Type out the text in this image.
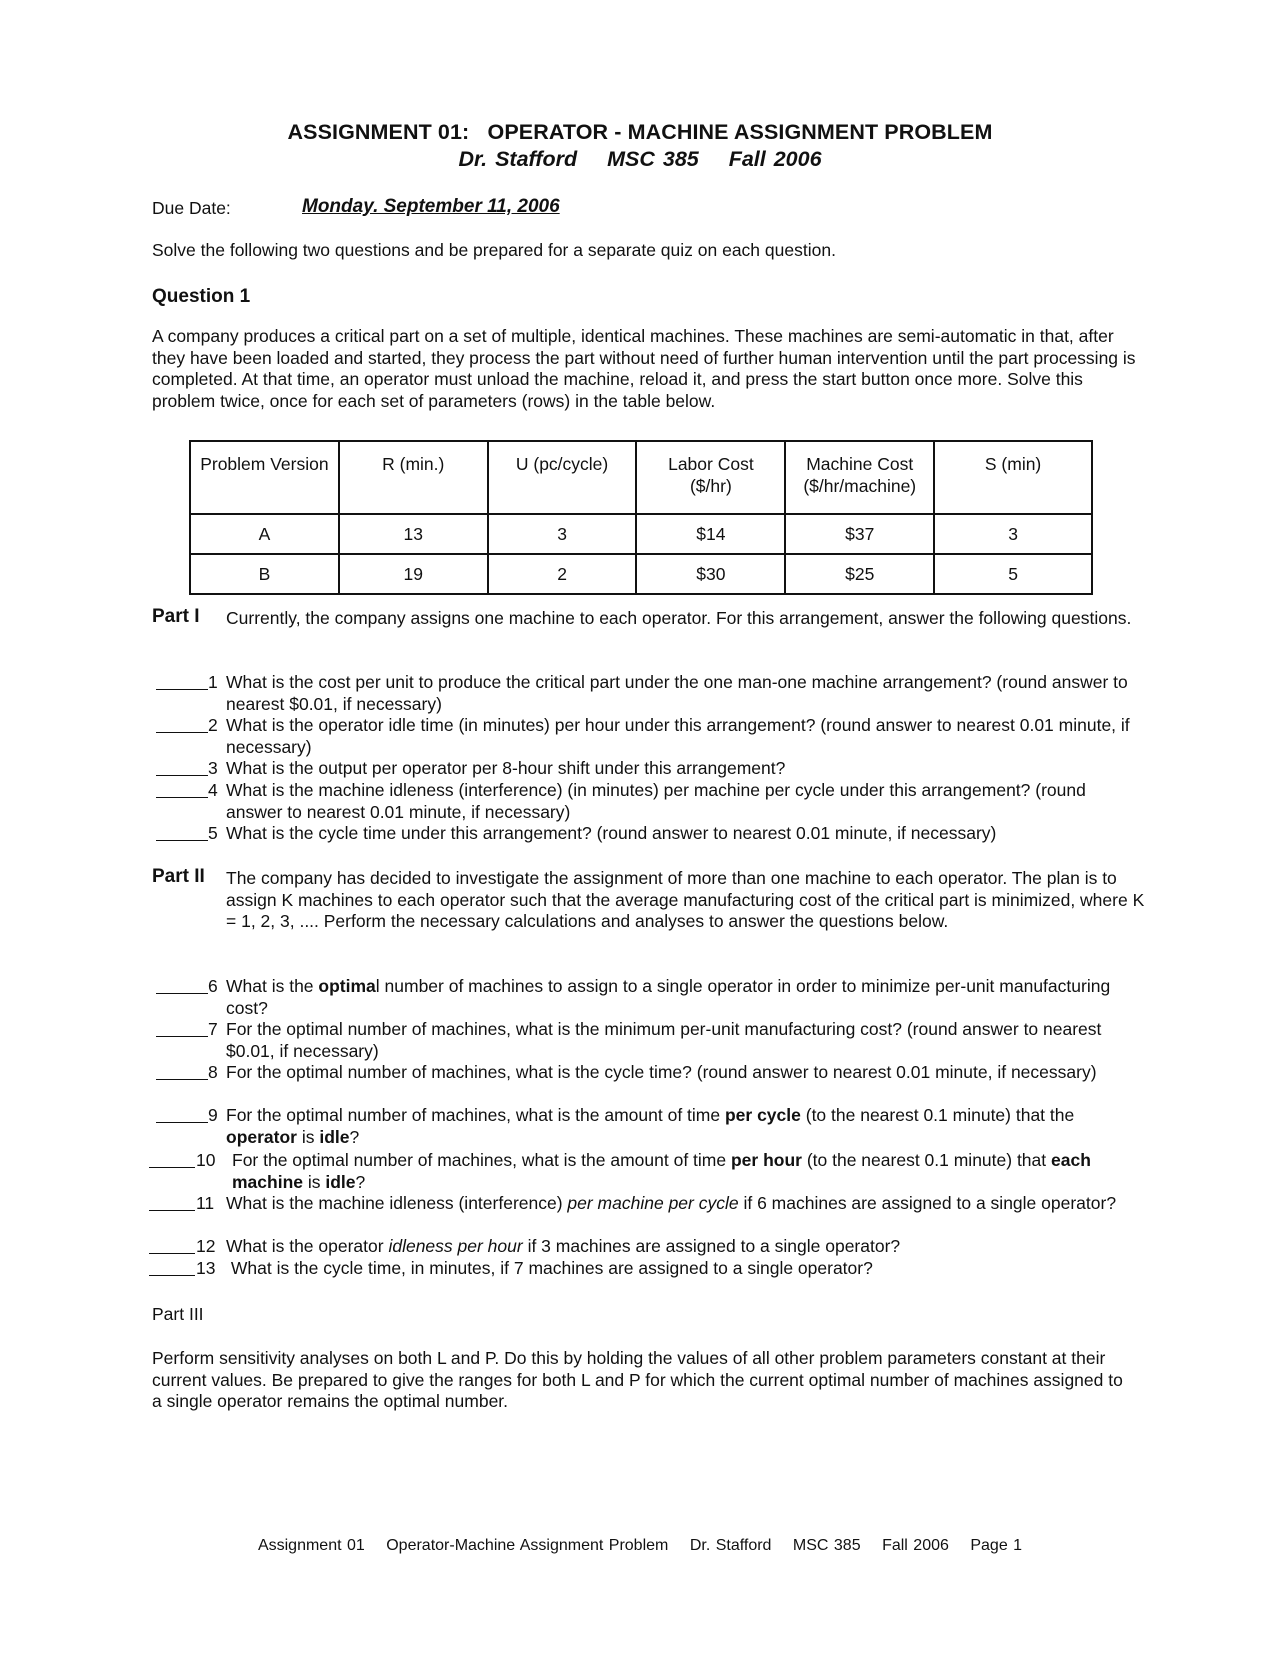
ASSIGNMENT 01:   OPERATOR - MACHINE ASSIGNMENT PROBLEM
Dr. Stafford MSC 385 Fall 2006
Due Date:	Monday. September 11, 2006
Solve the following two questions and be prepared for a separate quiz on each question.
Question 1
A company produces a critical part on a set of multiple, identical machines. These machines are semi-automatic in that, after they have been loaded and started, they process the part without need of further human intervention until the part processing is completed. At that time, an operator must unload the machine, reload it, and press the start button once more. Solve this problem twice, once for each set of parameters (rows) in the table below.
Problem Version	R (min.)	U (pc/cycle)	Labor Cost ($/hr)	Machine Cost ($/hr/machine)	S (min)
A	13	3	$14	$37	3
B	19	2	$30	$25	5
Part I Currently, the company assigns one machine to each operator. For this arrangement, answer the following questions.
1 What is the cost per unit to produce the critical part under the one man-one machine arrangement? (round answer to nearest $0.01, if necessary)
2 What is the operator idle time (in minutes) per hour under this arrangement? (round answer to nearest 0.01 minute, if necessary)
3 What is the output per operator per 8-hour shift under this arrangement?
4 What is the machine idleness (interference) (in minutes) per machine per cycle under this arrangement? (round answer to nearest 0.01 minute, if necessary)
5 What is the cycle time under this arrangement? (round answer to nearest 0.01 minute, if necessary)
Part II The company has decided to investigate the assignment of more than one machine to each operator. The plan is to assign K machines to each operator such that the average manufacturing cost of the critical part is minimized, where K = 1, 2, 3, .... Perform the necessary calculations and analyses to answer the questions below.
6 What is the optimal number of machines to assign to a single operator in order to minimize per-unit manufacturing cost?
7 For the optimal number of machines, what is the minimum per-unit manufacturing cost? (round answer to nearest $0.01, if necessary)
8 For the optimal number of machines, what is the cycle time? (round answer to nearest 0.01 minute, if necessary)
9 For the optimal number of machines, what is the amount of time per cycle (to the nearest 0.1 minute) that the operator is idle?
10 For the optimal number of machines, what is the amount of time per hour (to the nearest 0.1 minute) that each machine is idle?
11 What is the machine idleness (interference) per machine per cycle if 6 machines are assigned to a single operator?
12 What is the operator idleness per hour if 3 machines are assigned to a single operator?
13 What is the cycle time, in minutes, if 7 machines are assigned to a single operator?
Part III
Perform sensitivity analyses on both L and P. Do this by holding the values of all other problem parameters constant at their current values. Be prepared to give the ranges for both L and P for which the current optimal number of machines assigned to a single operator remains the optimal number.
Assignment 01 Operator-Machine Assignment Problem Dr. Stafford MSC 385 Fall 2006 Page 1
